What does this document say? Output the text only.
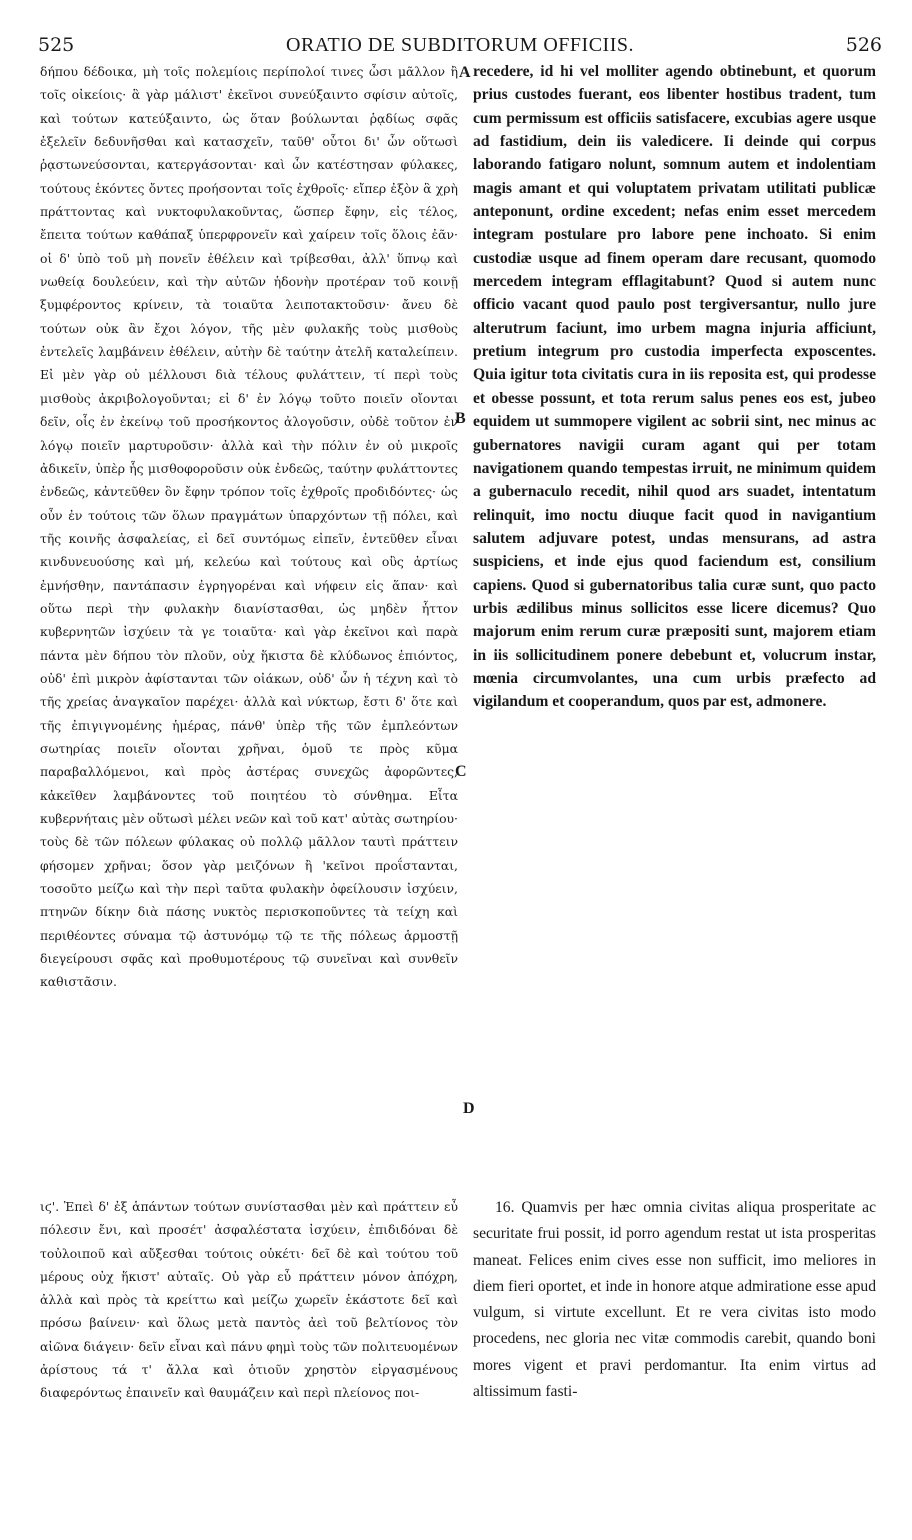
525	ORATIO DE SUBDITORUM OFFICIIS.	526

δήπου δέδοικα, μὴ τοῖς πολεμίοις περίπολοί τινες ὦσι μᾶλλον ἢ τοῖς οἰκείοις· ἃ γὰρ μάλιστ' ἐκεῖνοι συνεύξαιντο σφίσιν αὐτοῖς, καὶ τούτων κατεύξαιντο, ὡς ὅταν βούλωνται ῥᾳδίως σφᾶς ἐξελεῖν δεδυνῆσθαι καὶ κατασχεῖν, ταῦθ' οὗτοι δι' ὧν οὕτωσὶ ῥᾳστωνεύσονται, κατεργάσονται· καὶ ὧν κατέστησαν φύλακες, τούτους ἑκόντες ὄντες προήσονται τοῖς ἐχθροῖς· εἴπερ ἐξὸν ἃ χρὴ πράττοντας καὶ νυκτοφυλακοῦντας, ὥσπερ ἔφην, εἰς τέλος, ἔπειτα τούτων καθάπαξ ὑπερφρονεῖν καὶ χαίρειν τοῖς ὅλοις ἐᾶν· οἱ δ' ὑπὸ τοῦ μὴ πονεῖν ἐθέλειν καὶ τρίβεσθαι, ἀλλ' ὕπνῳ καὶ νωθείᾳ δουλεύειν, καὶ τὴν αὐτῶν ἡδονὴν προτέραν τοῦ κοινῇ ξυμφέροντος κρίνειν, τὰ τοιαῦτα λειποτακτοῦσιν· ἄνευ δὲ τούτων οὐκ ἂν ἔχοι λόγον, τῆς μὲν φυλακῆς τοὺς μισθοὺς ἐντελεῖς λαμβάνειν ἐθέλειν, αὐτὴν δὲ ταύτην ἀτελῆ καταλείπειν. Εἰ μὲν γὰρ οὐ μέλλουσι διὰ τέλους φυλάττειν, τί περὶ τοὺς μισθοὺς ἀκριβολογοῦνται; εἰ δ' ἐν λόγῳ τοῦτο ποιεῖν οἴονται δεῖν, οἷς ἐν ἐκείνῳ τοῦ προσήκοντος ἀλογοῦσιν, οὐδὲ τοῦτον ἐν λόγῳ ποιεῖν μαρτυροῦσιν· ἀλλὰ καὶ τὴν πόλιν ἐν οὐ μικροῖς ἀδικεῖν, ὑπὲρ ἧς μισθοφοροῦσιν οὐκ ἐνδεῶς, ταύτην φυλάττοντες ἐνδεῶς, κἀντεῦθεν ὃν ἔφην τρόπον τοῖς ἐχθροῖς προδιδόντες· ὡς οὖν ἐν τούτοις τῶν ὅλων πραγμάτων ὑπαρχόντων τῇ πόλει, καὶ τῆς κοινῆς ἀσφαλείας, εἰ δεῖ συντόμως εἰπεῖν, ἐντεῦθεν εἶναι κινδυνευούσης καὶ μή, κελεύω καὶ τούτους καὶ οὓς ἀρτίως ἐμνήσθην, παντάπασιν ἐγρηγορέναι καὶ νήφειν εἰς ἅπαν· καὶ οὕτω περὶ τὴν φυλακὴν διανίστασθαι, ὡς μηδὲν ἧττον κυβερνητῶν ἰσχύειν τὰ γε τοιαῦτα· καὶ γὰρ ἐκεῖνοι καὶ παρὰ πάντα μὲν δήπου τὸν πλοῦν, οὐχ ἥκιστα δὲ κλύδωνος ἐπιόντος, οὐδ' ἐπὶ μικρὸν ἀφίστανται τῶν οἰάκων, οὐδ' ὧν ἡ τέχνη καὶ τὸ τῆς χρείας ἀναγκαῖον παρέχει· ἀλλὰ καὶ νύκτωρ, ἔστι δ' ὅτε καὶ τῆς ἐπιγιγνομένης ἡμέρας, πάνθ' ὑπὲρ τῆς τῶν ἐμπλεόντων σωτηρίας ποιεῖν οἴονται χρῆναι, ὁμοῦ τε πρὸς κῦμα παραβαλλόμενοι, καὶ πρὸς ἀστέρας συνεχῶς ἀφορῶντες, κἀκεῖθεν λαμβάνοντες τοῦ ποιητέου τὸ σύνθημα. Εἶτα κυβερνήταις μὲν οὕτωσὶ μέλει νεῶν καὶ τοῦ κατ' αὐτὰς σωτηρίου· τοὺς δὲ τῶν πόλεων φύλακας οὐ πολλῷ μᾶλλον ταυτὶ πράττειν φήσομεν χρῆναι; ὅσον γὰρ μειζόνων ἢ 'κεῖνοι προΐστανται, τοσοῦτο μείζω καὶ τὴν περὶ ταῦτα φυλακὴν ὀφείλουσιν ἰσχύειν, πτηνῶν δίκην διὰ πάσης νυκτὸς περισκοποῦντες τὰ τείχη καὶ περιθέοντες σύναμα τῷ ἀστυνόμῳ τῷ τε τῆς πόλεως ἁρμοστῇ διεγείρουσι σφᾶς καὶ προθυμοτέρους τῷ συνεῖναι καὶ συνθεῖν καθιστᾶσιν.

recedere, id hi vel molliter agendo obtinebunt, et quorum prius custodes fuerant, eos libenter hostibus tradent, tum cum permissum est officiis satisfacere, excubias agere usque ad fastidium, dein iis valedicere. Ii deinde qui corpus laborando fatigaro nolunt, somnum autem et indolentiam magis amant et qui voluptatem privatam utilitati publicæ anteponunt, ordine excedent; nefas enim esset mercedem integram postulare pro labore pene inchoato. Si enim custodiæ usque ad finem operam dare recusant, quomodo mercedem integram efflagitabunt? Quod si autem nunc officio vacant quod paulo post tergiversantur, nullo jure alterutrum faciunt, imo urbem magna injuria afficiunt, pretium integrum pro custodia imperfecta exposcentes. Quia igitur tota civitatis cura in iis reposita est, qui prodesse et obesse possunt, et tota rerum salus penes eos est, jubeo equidem ut summopere vigilent ac sobrii sint, nec minus ac gubernatores navigii curam agant qui per totam navigationem quando tempestas irruit, ne minimum quidem a gubernaculo recedit, nihil quod ars suadet, intentatum relinquit, imo noctu diuque facit quod in navigantium salutem adjuvare potest, undas mensurans, ad astra suspiciens, et inde ejus quod faciendum est, consilium capiens. Quod si gubernatoribus talia curæ sunt, quo pacto urbis ædilibus minus sollicitos esse licere dicemus? Quo majorum enim rerum curæ præpositi sunt, majorem etiam in iis sollicitudinem ponere debebunt et, volucrum instar, mœnia circumvolantes, una cum urbis præfecto ad vigilandum et cooperandum, quos par est, admonere.

A
B
C
D

ιϛ'. Ἐπεὶ δ' ἐξ ἁπάντων τούτων συνίστασθαι μὲν καὶ πράττειν εὖ πόλεσιν ἔνι, καὶ προσέτ' ἀσφαλέστατα ἰσχύειν, ἐπιδιδόναι δὲ τοὐλοιποῦ καὶ αὔξεσθαι τούτοις οὐκέτι· δεῖ δὲ καὶ τούτου τοῦ μέρους οὐχ ἥκιστ' αὐταῖς. Οὐ γὰρ εὖ πράττειν μόνον ἀπόχρη, ἀλλὰ καὶ πρὸς τὰ κρείττω καὶ μείζω χωρεῖν ἑκάστοτε δεῖ καὶ πρόσω βαίνειν· καὶ ὅλως μετὰ παντὸς ἀεὶ τοῦ βελτίονος τὸν αἰῶνα διάγειν· δεῖν εἶναι καὶ πάνυ φημὶ τοὺς τῶν πολιτευομένων ἀρίστους τά τ' ἄλλα καὶ ὁτιοῦν χρηστὸν εἰργασμένους διαφερόντως ἐπαινεῖν καὶ θαυμάζειν καὶ περὶ πλείονος ποι-

16. Quamvis per hæc omnia civitas aliqua prosperitate ac securitate frui possit, id porro agendum restat ut ista prosperitas maneat. Felices enim cives esse non sufficit, imo meliores in diem fieri oportet, et inde in honore atque admiratione esse apud vulgum, si virtute excellunt. Et re vera civitas isto modo procedens, nec gloria nec vitæ commodis carebit, quando boni mores vigent et pravi perdomantur. Ita enim virtus ad altissimum fasti-
